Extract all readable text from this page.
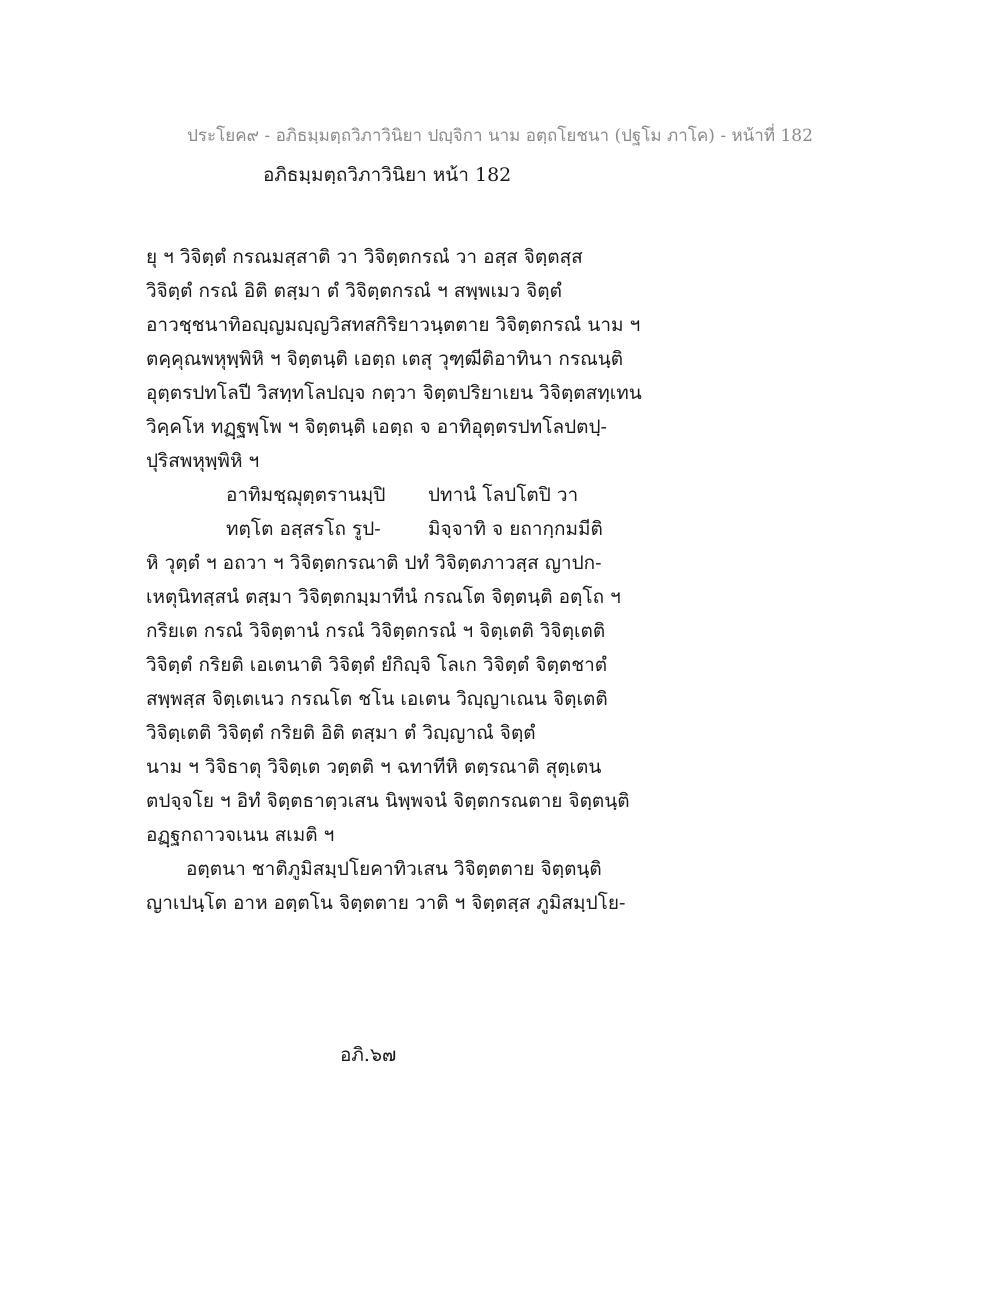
ประโยค๙ - อภิธมฺมตฺถวิภาวินิยา ปญฺจิกา นาม อตฺถโยชนา (ปฐโม ภาโค) - หน้าที่ 182
อภิธมฺมตฺถวิภาวินิยา หน้า 182
ยุ ฯ วิจิตฺตํ กรณมสฺสาติ วา วิจิตฺตกรณํ วา อสฺส จิตฺตสฺส
วิจิตฺตํ กรณํ อิติ ตสฺมา ตํ วิจิตฺตกรณํ ฯ สพฺพเมว จิตฺตํ
อาวชฺชนาทิอญฺญมญฺญวิสทสกิริยาวนฺตตาย วิจิตฺตกรณํ นาม ฯ
ตคฺคุณพหุพฺพิหิ ฯ จิตฺตนฺติ เอตฺถ เตสุ วุฑฺฒีติอาทินา กรณนฺติ
อุตฺตรปทโลปี วิสทฺทโลปญฺจ กตฺวา จิตฺตปริยาเยน วิจิตฺตสทฺเทน
วิคฺคโห ทฏฺฐพฺโพ ฯ จิตฺตนฺติ เอตฺถ จ อาทิอุตฺตรปทโลปตปฺ-
ปุริสพหุพฺพิหิ ฯ
อาทิมชฺฌุตฺตรานมฺปิ ปทานํ โลปโตปิ วา
ทตฺโต อสฺสรโถ รูป- มิจฺจาทิ จ ยถากฺกมมีติ
หิ วุตฺตํ ฯ อถวา ฯ วิจิตฺตกรณาติ ปทํ วิจิตฺตภาวสฺส ญาปก-
เหตุนิทสฺสนํ ตสฺมา วิจิตฺตกมฺมาทีนํ กรณโต จิตฺตนฺติ อตฺโถ ฯ
กริยเต กรณํ วิจิตฺตานํ กรณํ วิจิตฺตกรณํ ฯ จิตฺเตติ วิจิตฺเตติ
วิจิตฺตํ กริยติ เอเตนาติ วิจิตฺตํ ยํกิญฺจิ โลเก วิจิตฺตํ จิตฺตชาตํ
สพฺพสฺส จิตฺเตเนว กรณโต ชโน เอเตน วิญฺญาเณน จิตฺเตติ
วิจิตฺเตติ วิจิตฺตํ กริยติ อิติ ตสฺมา ตํ วิญฺญาณํ จิตฺตํ
นาม ฯ วิจิธาตุ วิจิตฺเต วตฺตติ ฯ ฉทาทีหิ ตตฺรณาติ สุตฺเตน
ตปจฺจโย ฯ อิทํ จิตฺตธาตฺวเสน นิพฺพจนํ จิตฺตกรณตาย จิตฺตนฺติ
อฏฺฐกถาวจเนน สเมติ ฯ
อตฺตนา ชาติภูมิสมฺปโยคาทิวเสน วิจิตฺตตาย จิตฺตนฺติ
ญาเปนฺโต อาห อตฺตโน จิตฺตตาย วาติ ฯ จิตฺตสฺส ภูมิสมฺปโย-
อภิ.๖๗
